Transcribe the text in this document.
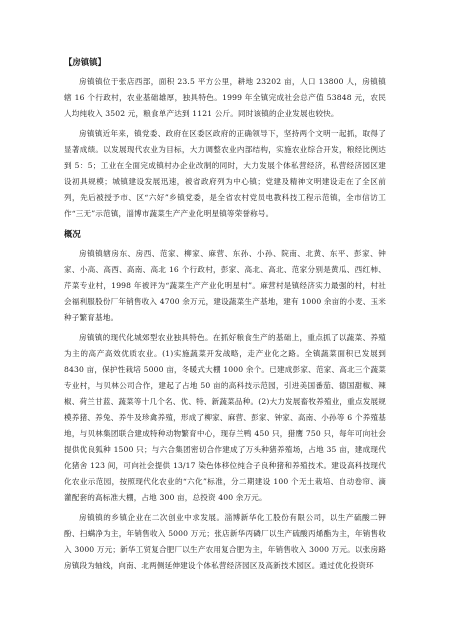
【房镇镇】

房镇镇位于张店西部，面积 23.5 平方公里，耕地 23202 亩，人口 13800 人，房镇镇辖 16 个行政村，农业基础雄厚，独具特色。1999 年全镇完成社会总产值 53848 元，农民人均纯收入 3502 元，粮食单产达到 1121 公斤。同时该镇的企业发展也较快。

房镇镇近年来，镇党委、政府在区委区政府的正确领导下，坚持两个文明一起抓，取得了显著成绩。以发展现代农业为目标，大力调整农业内部结构，实施农业综合开发，粮经比例达到 5：5；工业在全面完成镇村办企业改制的同时，大力发展个体私营经济，私营经济园区建设初具规模；城镇建设发展迅速，被省政府列为中心镇；党建及精神文明建设走在了全区前列，先后被授予市、区“六好”乡镇党委，是全省农村党员电教科技工程示范镇，全市信访工作“三无”示范镇，淄博市蔬菜生产产业化明星镇等荣誉称号。

概况

房镇镇辖房东、房西、范家、柳家、麻营、东孙、小孙、院南、北黄、东平、彭家、钟家、小高、高西、高南、高北 16 个行政村，彭家、高北、高北、范家分别是黄瓜、西红柿、芹菜专业村，1998 年被评为“蔬菜生产产业化明星村”。麻营村是镇经济实力最强的村，村社会福利服股份厂年销售收入 4700 余万元，建设蔬菜生产基地，建有 1000 余亩的小麦、玉米种子繁育基地。

房镇镇的现代化城郊型农业独具特色。在抓好粮食生产的基础上，重点抓了以蔬菜、养殖为主的高产高效优质农业。(1)实施蔬菜开发战略，走产业化之路。全镇蔬菜面积已发展到 8430 亩，保护性栽培 5000 亩，冬暖式大棚 1000 余个。已建成彭家、范家、高北三个蔬菜专业村，与贝林公司合作，建起了占地 50 亩的高科技示范园，引进美国番茄、德国甜椒、辣椒、荷兰甘蓝、蔬菜等十几个名、优、特、新蔬菜品种。(2)大力发展畜牧养殖业，重点发展规模养猪、养兔、养牛及珍禽养殖，形成了柳家、麻营、彭家、钟家、高南、小孙等 6 个养殖基地，与贝林集团联合建成特种动物繁育中心，现存兰鸭 450 只，猎鹰 750 只，每年可向社会提供优良狐种 1500 只；与六合集团密切合作建成了万头种猪养殖场，占地 35 亩，建成现代化猪舍 123 间，可向社会提供 13/17 染色体移位纯合子良种猪和养殖技术。建设高科技现代化农业示范园，按照现代化农业的“六化”标准，分二期建设 100 个无土栽培、自动卷帘、滴灌配套的高标准大棚，占地 300 亩，总投资 400 余万元。

房镇镇的乡镇企业在二次创业中求发展。淄博新华化工股份有限公司，以生产硫酸二钾酚、扫螨净为主，年销售收入 5000 万元；张店新华丙磷厂以生产硫酸丙烯酯为主，年销售收入 3000 万元；新华工贸复合肥厂以生产农用复合肥为主，年销售收入 3000 万元。以张房路房镇段为轴线，向南、北两侧延伸建设个体私营经济园区及高新技术园区。通过优化投资环
